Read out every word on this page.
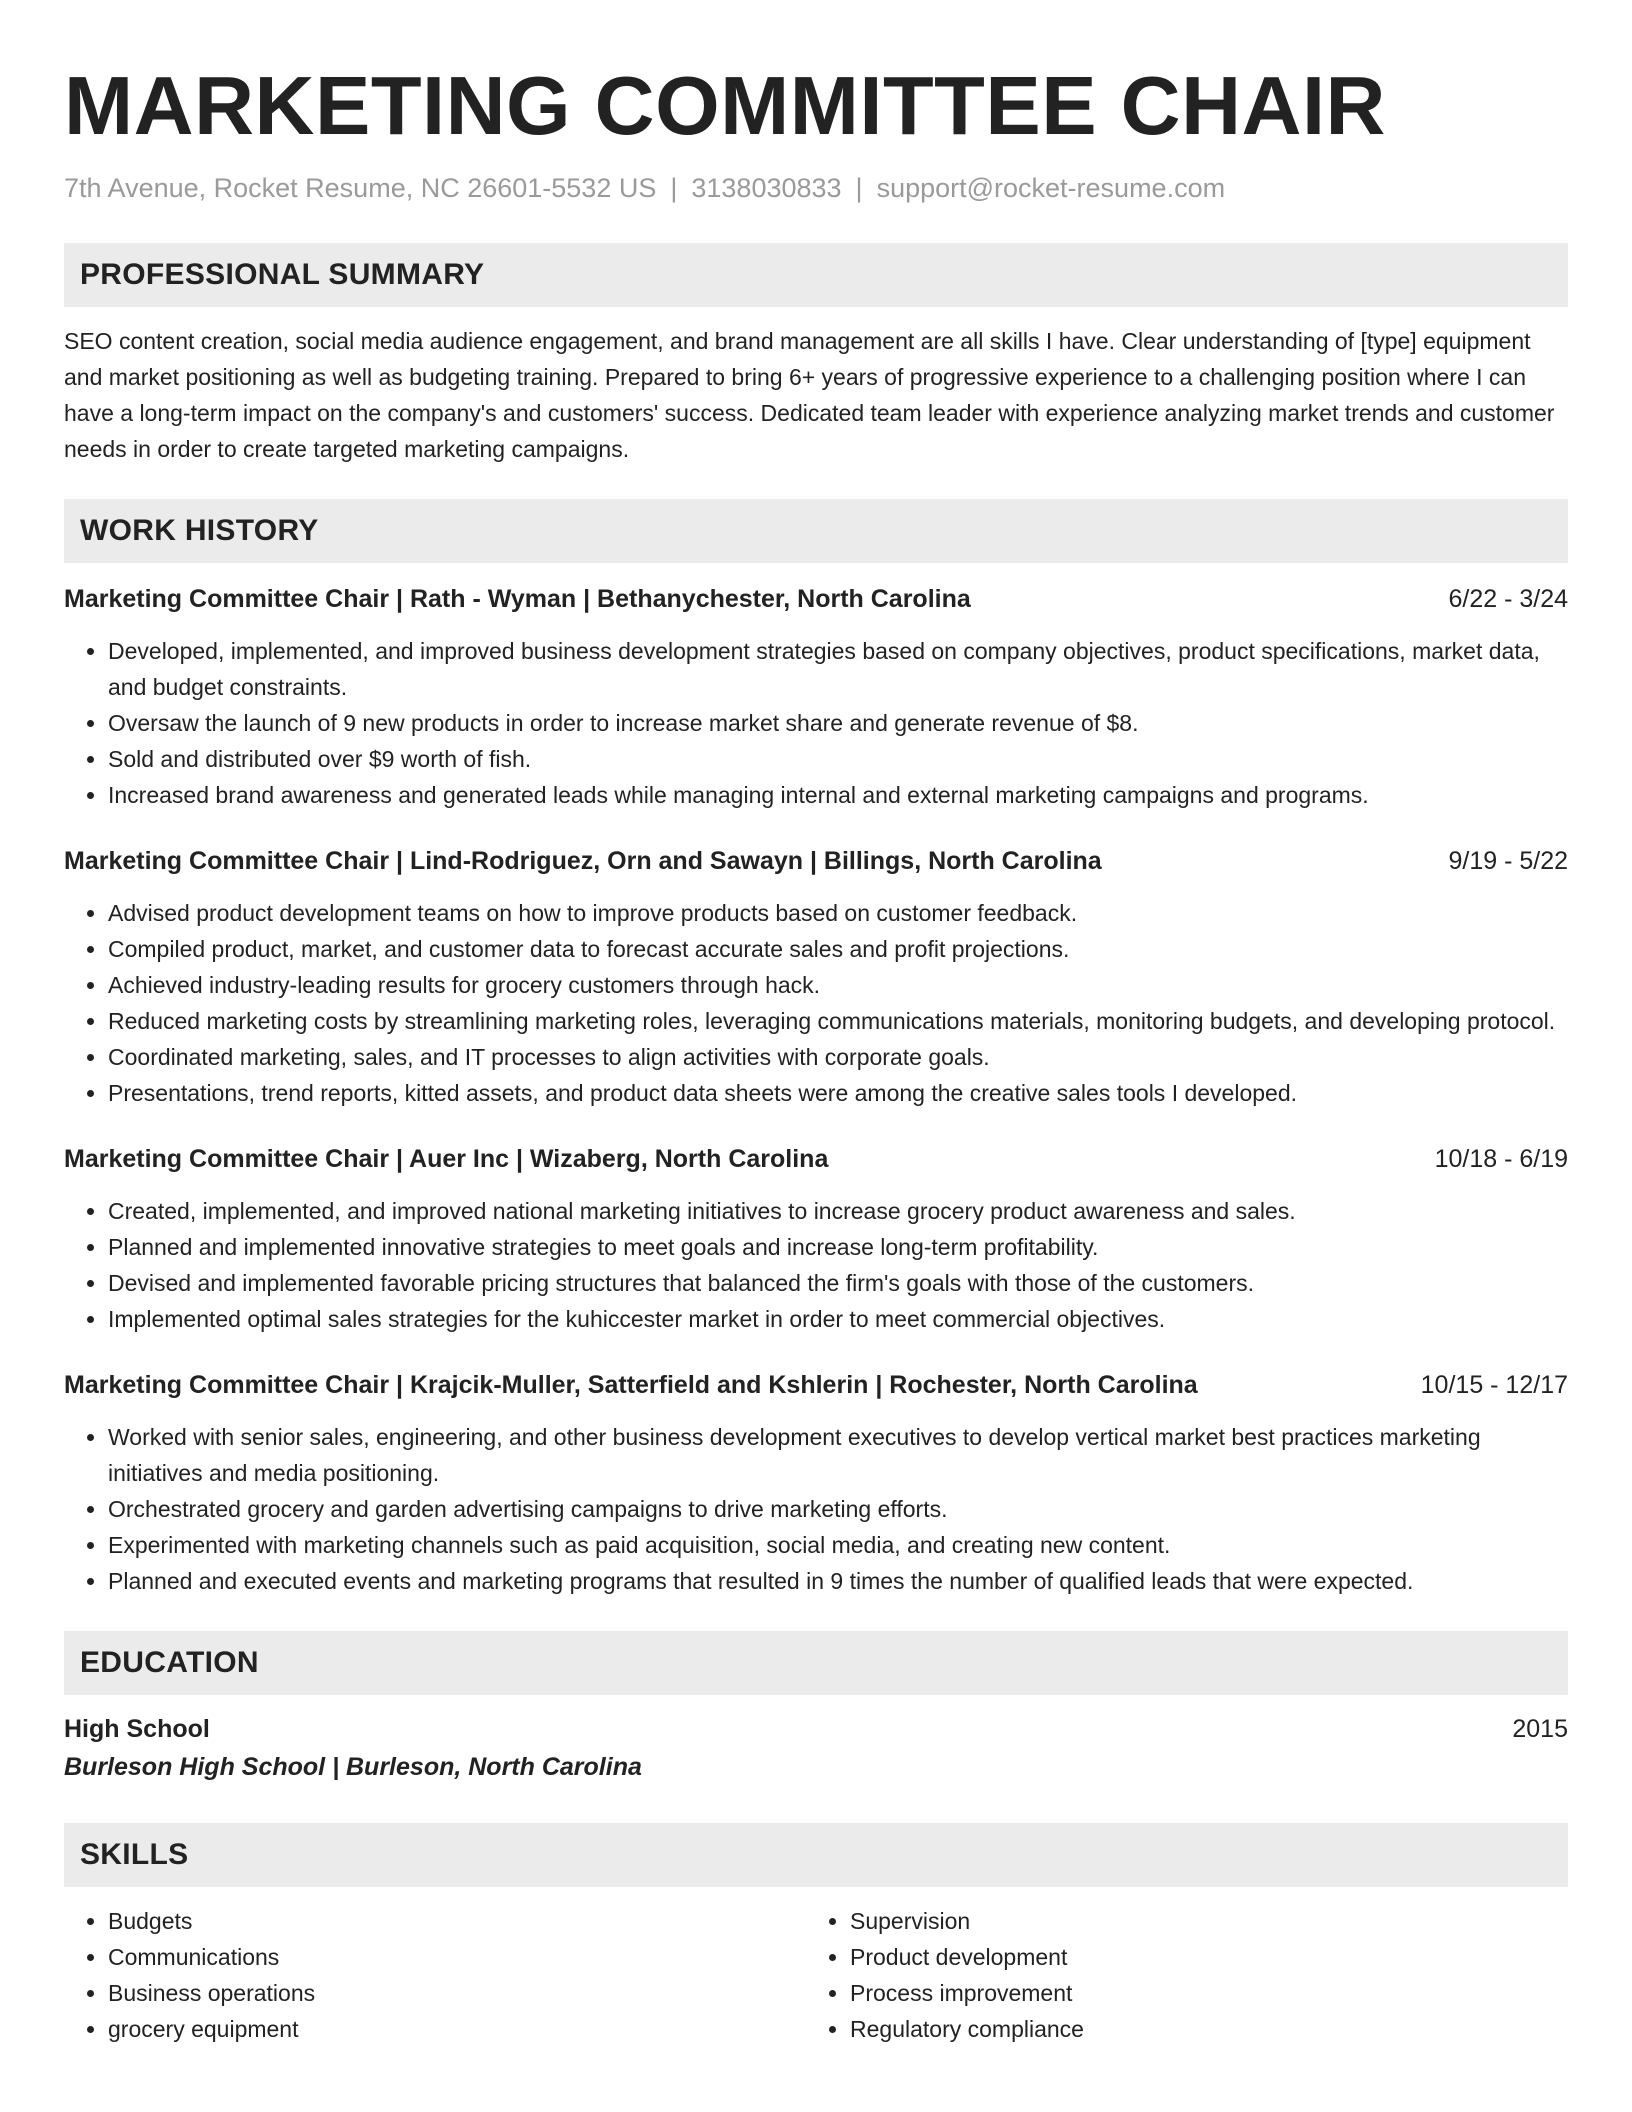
MARKETING COMMITTEE CHAIR
7th Avenue, Rocket Resume, NC 26601-5532 US | 3138030833 | support@rocket-resume.com
PROFESSIONAL SUMMARY

SEO content creation, social media audience engagement, and brand management are all skills I have. Clear understanding of [type] equipment and market positioning as well as budgeting training. Prepared to bring 6+ years of progressive experience to a challenging position where I can have a long-term impact on the company's and customers' success. Dedicated team leader with experience analyzing market trends and customer needs in order to create targeted marketing campaigns.

WORK HISTORY
Marketing Committee Chair | Rath - Wyman | Bethanychester, North Carolina	6/22 - 3/24
• Developed, implemented, and improved business development strategies based on company objectives, product specifications, market data, and budget constraints.
• Oversaw the launch of 9 new products in order to increase market share and generate revenue of $8.
• Sold and distributed over $9 worth of fish.
• Increased brand awareness and generated leads while managing internal and external marketing campaigns and programs.
Marketing Committee Chair | Lind-Rodriguez, Orn and Sawayn | Billings, North Carolina	9/19 - 5/22
• Advised product development teams on how to improve products based on customer feedback.
• Compiled product, market, and customer data to forecast accurate sales and profit projections.
• Achieved industry-leading results for grocery customers through hack.
• Reduced marketing costs by streamlining marketing roles, leveraging communications materials, monitoring budgets, and developing protocol.
• Coordinated marketing, sales, and IT processes to align activities with corporate goals.
• Presentations, trend reports, kitted assets, and product data sheets were among the creative sales tools I developed.
Marketing Committee Chair | Auer Inc | Wizaberg, North Carolina	10/18 - 6/19
• Created, implemented, and improved national marketing initiatives to increase grocery product awareness and sales.
• Planned and implemented innovative strategies to meet goals and increase long-term profitability.
• Devised and implemented favorable pricing structures that balanced the firm's goals with those of the customers.
• Implemented optimal sales strategies for the kuhiccester market in order to meet commercial objectives.
Marketing Committee Chair | Krajcik-Muller, Satterfield and Kshlerin | Rochester, North Carolina	10/15 - 12/17
• Worked with senior sales, engineering, and other business development executives to develop vertical market best practices marketing initiatives and media positioning.
• Orchestrated grocery and garden advertising campaigns to drive marketing efforts.
• Experimented with marketing channels such as paid acquisition, social media, and creating new content.
• Planned and executed events and marketing programs that resulted in 9 times the number of qualified leads that were expected.
EDUCATION
High School	2015
Burleson High School | Burleson, North Carolina
SKILLS
• Budgets
• Communications
• Business operations
• grocery equipment
• Supervision
• Product development
• Process improvement
• Regulatory compliance
